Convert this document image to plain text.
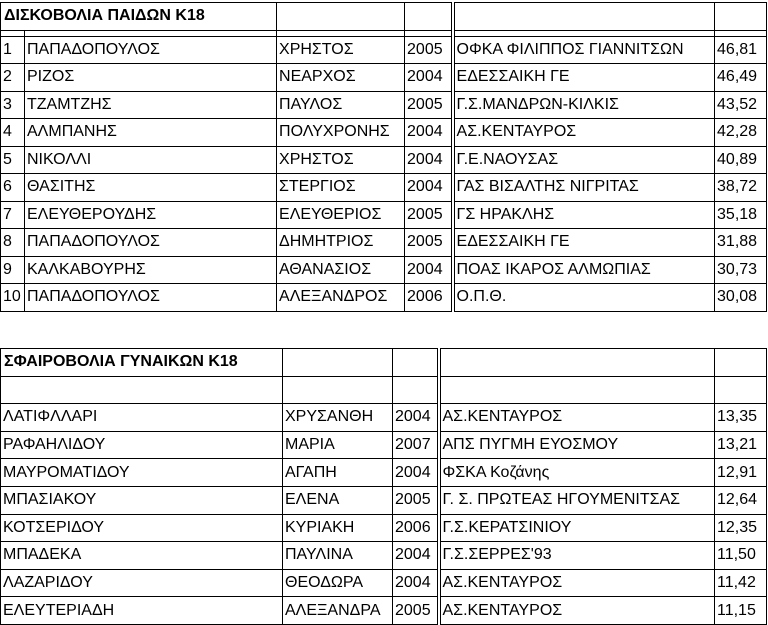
ΔΙΣΚΟΒΟΛΙΑ ΠΑΙΔΩΝ Κ18					

1	ΠΑΠΑΔΟΠΟΥΛΟΣ	ΧΡΗΣΤΟΣ	2005	ΟΦΚΑ ΦΙΛΙΠΠΟΣ ΓΙΑΝΝΙΤΣΩΝ	46,81
2	ΡΙΖΟΣ	ΝΕΑΡΧΟΣ	2004	ΕΔΕΣΣΑΙΚΗ ΓΕ	46,49
3	ΤΖΑΜΤΖΗΣ	ΠΑΥΛΟΣ	2005	Γ.Σ.ΜΑΝΔΡΩΝ-ΚΙΛΚΙΣ	43,52
4	ΑΛΜΠΑΝΗΣ	ΠΟΛΥΧΡΟΝΗΣ	2004	ΑΣ.ΚΕΝΤΑΥΡΟΣ	42,28
5	ΝΙΚΟΛΛΙ	ΧΡΗΣΤΟΣ	2004	Γ.Ε.ΝΑΟΥΣΑΣ	40,89
6	ΘΑΣΙΤΗΣ	ΣΤΕΡΓΙΟΣ	2004	ΓΑΣ ΒΙΣΑΛΤΗΣ ΝΙΓΡΙΤΑΣ	38,72
7	ΕΛΕΥΘΕΡΟΥΔΗΣ	ΕΛΕΥΘΕΡΙΟΣ	2005	ΓΣ ΗΡΑΚΛΗΣ	35,18
8	ΠΑΠΑΔΟΠΟΥΛΟΣ	ΔΗΜΗΤΡΙΟΣ	2005	ΕΔΕΣΣΑΙΚΗ ΓΕ	31,88
9	ΚΑΛΚΑΒΟΥΡΗΣ	ΑΘΑΝΑΣΙΟΣ	2004	ΠΟΑΣ ΙΚΑΡΟΣ ΑΛΜΩΠΙΑΣ	30,73
10	ΠΑΠΑΔΟΠΟΥΛΟΣ	ΑΛΕΞΑΝΔΡΟΣ	2006	Ο.Π.Θ.	30,08
ΣΦΑΙΡΟΒΟΛΙΑ ΓΥΝΑΙΚΩΝ Κ18				

ΛΑΤΙΦΛΛΑΡΙ	ΧΡΥΣΑΝΘΗ	2004	ΑΣ.ΚΕΝΤΑΥΡΟΣ	13,35
ΡΑΦΑΗΛΙΔΟΥ	ΜΑΡΙΑ	2007	ΑΠΣ ΠΥΓΜΗ ΕΥΟΣΜΟΥ	13,21
ΜΑΥΡΟΜΑΤΙΔΟΥ	ΑΓΑΠΗ	2004	ΦΣΚΑ Κοζάνης	12,91
ΜΠΑΣΙΑΚΟΥ	ΕΛΕΝΑ	2005	Γ. Σ. ΠΡΩΤΕΑΣ ΗΓΟΥΜΕΝΙΤΣΑΣ	12,64
ΚΟΤΣΕΡΙΔΟΥ	ΚΥΡΙΑΚΗ	2006	Γ.Σ.ΚΕΡΑΤΣΙΝΙΟΥ	12,35
ΜΠΑΔΕΚΑ	ΠΑΥΛΙΝΑ	2004	Γ.Σ.ΣΕΡΡΕΣ'93	11,50
ΛΑΖΑΡΙΔΟΥ	ΘΕΟΔΩΡΑ	2004	ΑΣ.ΚΕΝΤΑΥΡΟΣ	11,42
ΕΛΕΥΤΕΡΙΑΔΗ	ΑΛΕΞΑΝΔΡΑ	2005	ΑΣ.ΚΕΝΤΑΥΡΟΣ	11,15
